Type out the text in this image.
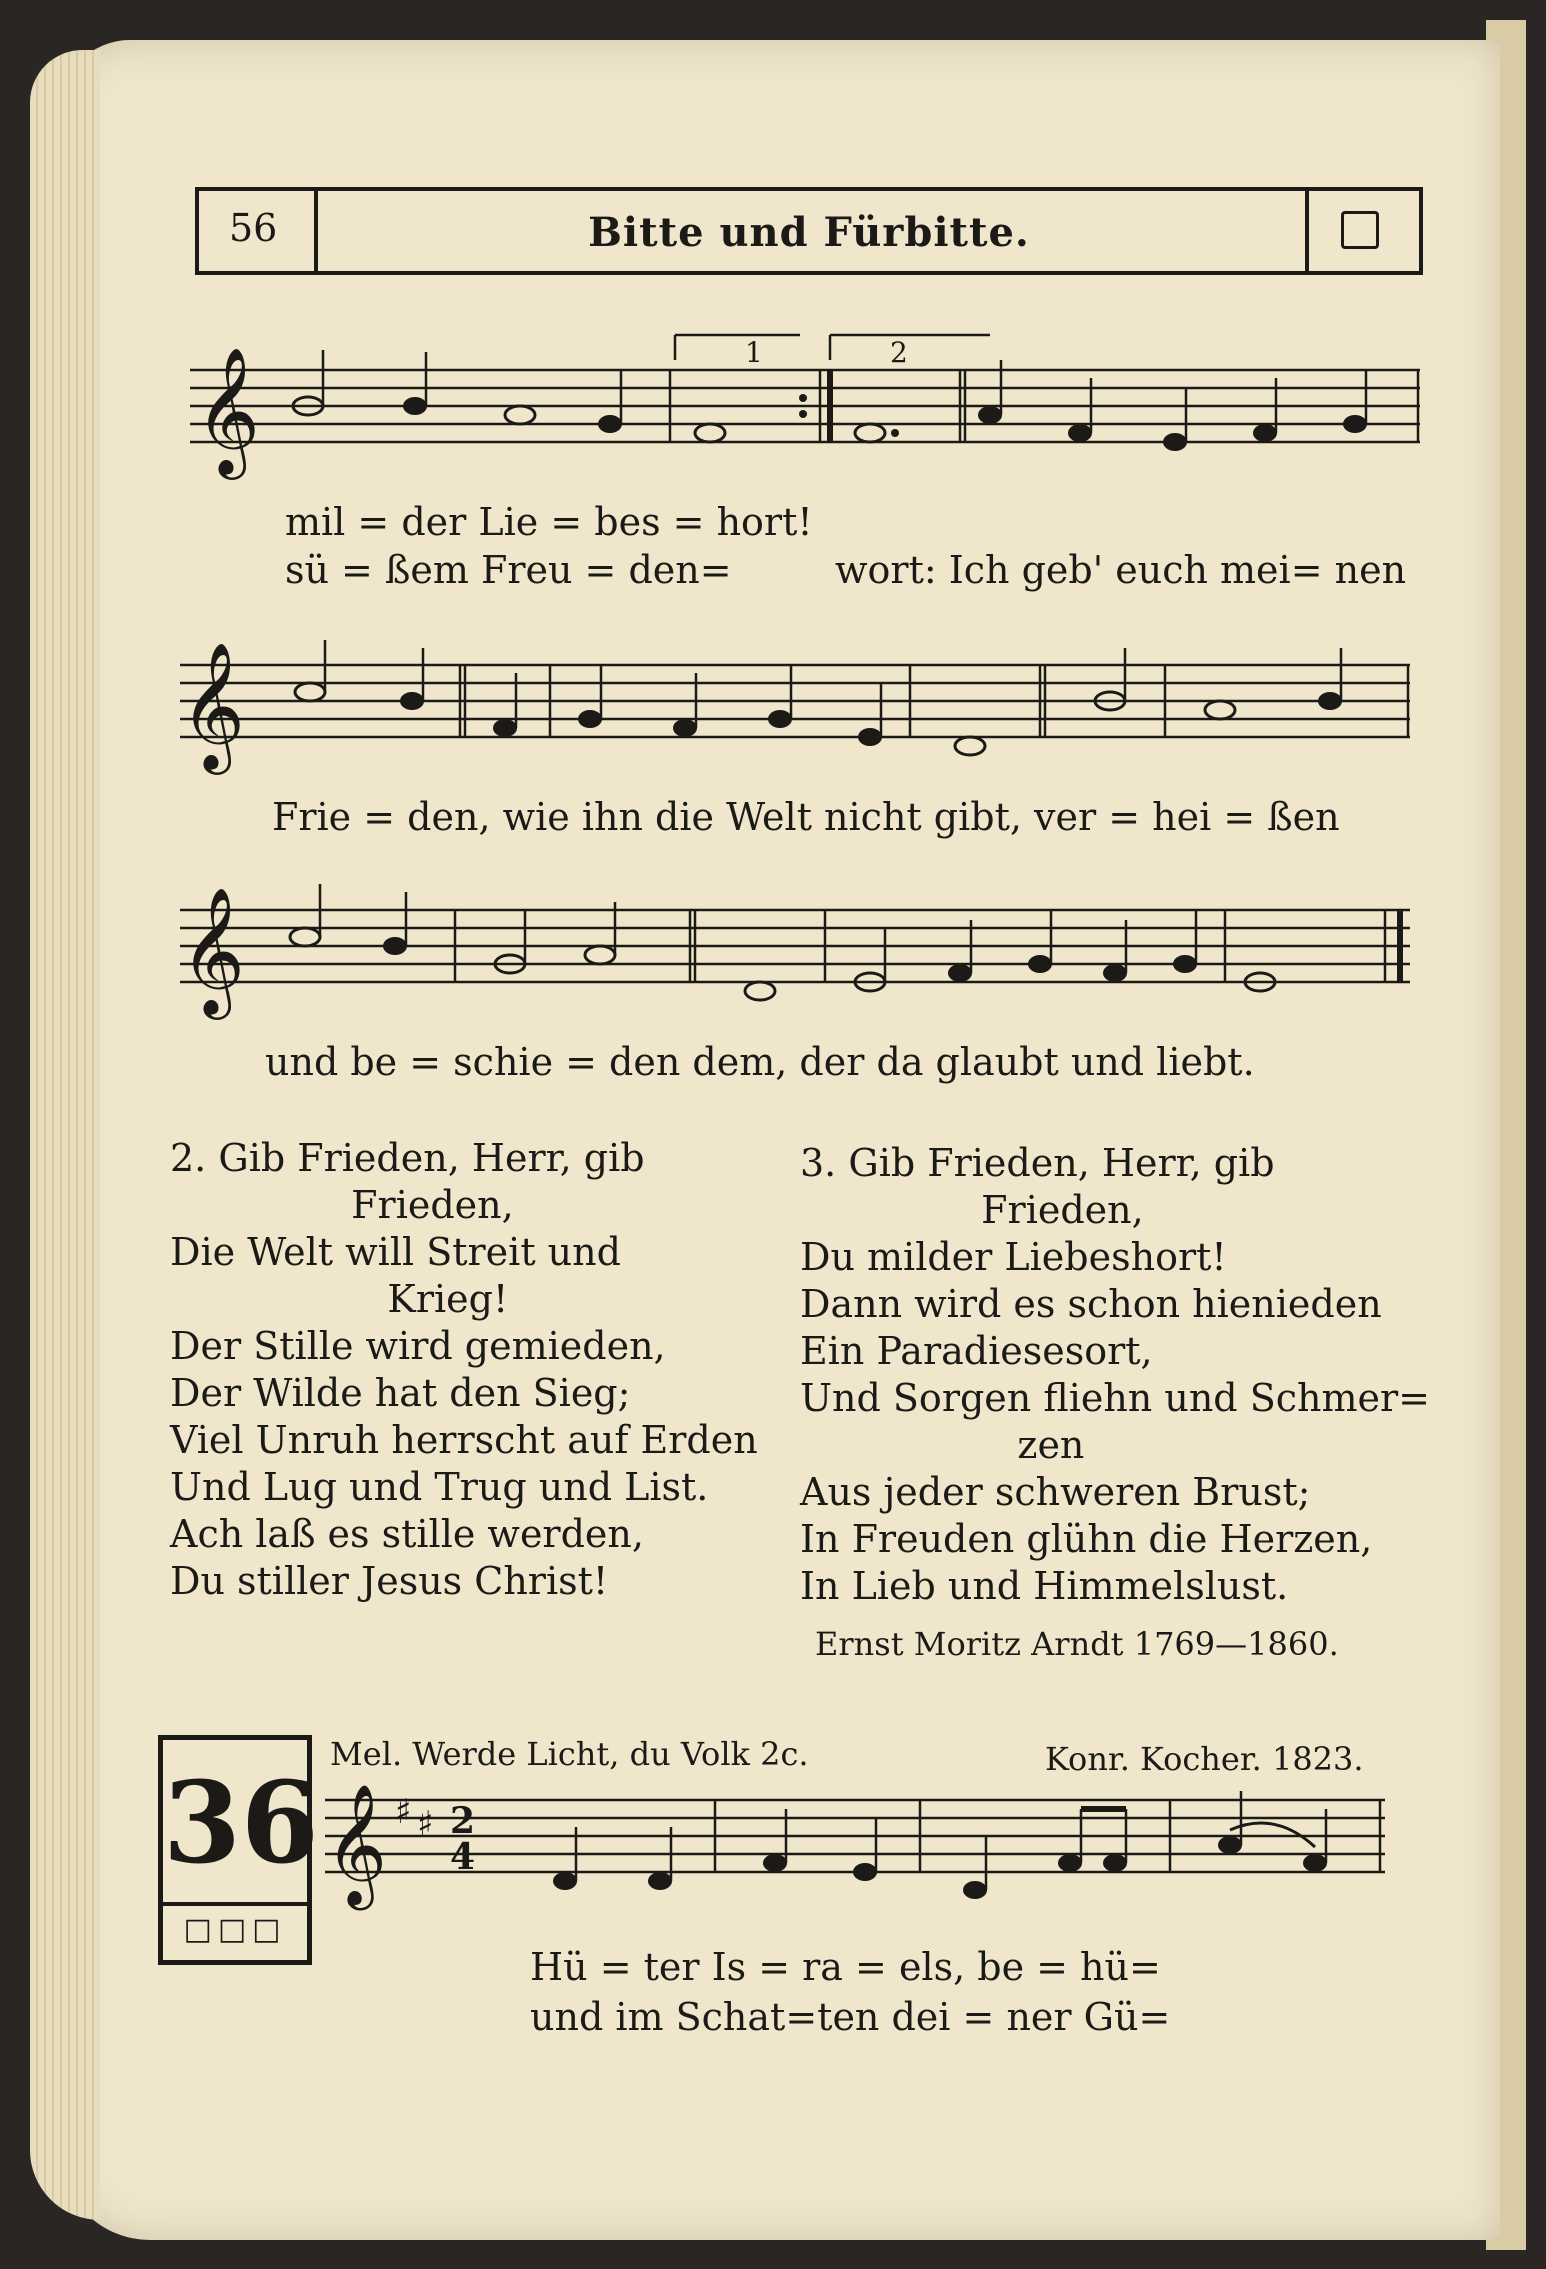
56	Bitte und Fürbitte.
𝄞	1	2
mil = der Lie = bes = hort!
sü = ßem Freu = den=	wort: Ich geb' euch mei= nen
𝄞
Frie = den, wie ihn die Welt nicht gibt, ver = hei = ßen
𝄞
und be = schie = den dem, der da glaubt und liebt.
2. Gib Frieden, Herr, gib
Frieden,
Die Welt will Streit und
Krieg!
Der Stille wird gemieden,
Der Wilde hat den Sieg;
Viel Unruh herrscht auf Erden
Und Lug und Trug und List.
Ach laß es stille werden,
Du stiller Jesus Christ!
3. Gib Frieden, Herr, gib
Frieden,
Du milder Liebeshort!
Dann wird es schon hienieden
Ein Paradiesesort,
Und Sorgen fliehn und Schmer=
zen
Aus jeder schweren Brust;
In Freuden glühn die Herzen,
In Lieb und Himmelslust.
Ernst Moritz Arndt 1769—1860.
36
□□□
Mel. Werde Licht, du Volk 2c.	Konr. Kocher. 1823.
𝄞 ♯ ♯ 2
4
Hü = ter Is = ra = els, be = hü=
und im Schat=ten dei = ner Gü=
